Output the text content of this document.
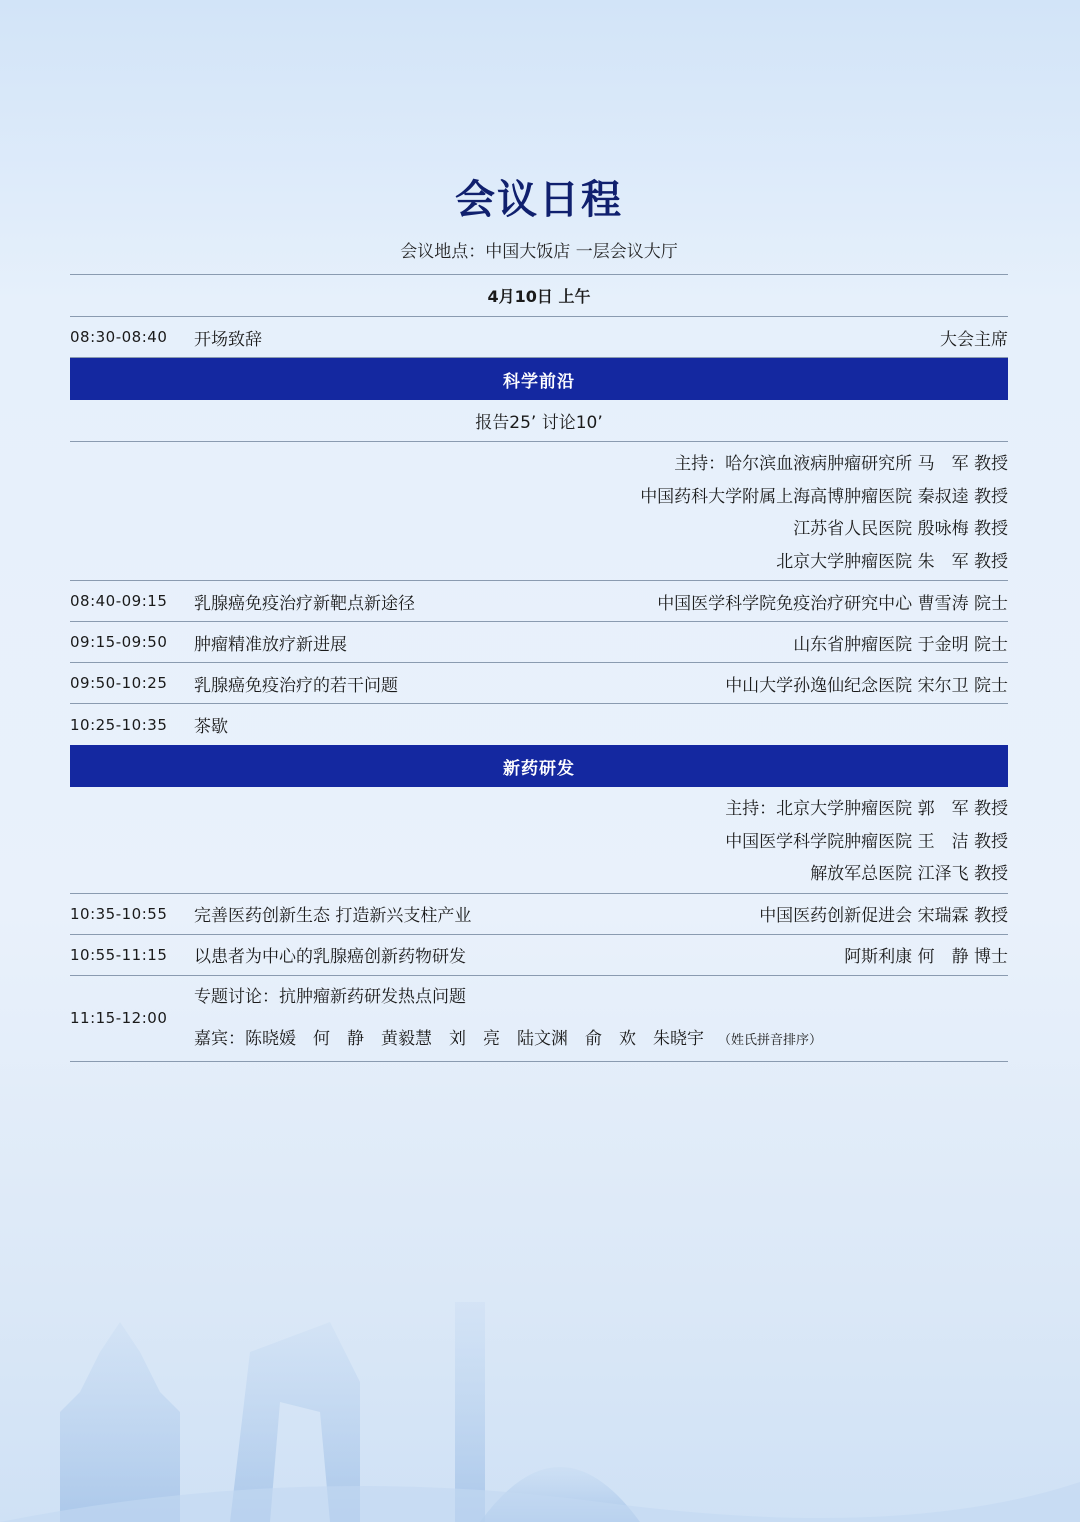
会议日程
会议地点：中国大饭店 一层会议大厅
4月10日 上午
08:30-08:40	开场致辞	大会主席
科学前沿
报告25’ 讨论10’
主持：哈尔滨血液病肿瘤研究所 马　军 教授
中国药科大学附属上海高博肿瘤医院 秦叔逵 教授
江苏省人民医院 殷咏梅 教授
北京大学肿瘤医院 朱　军 教授
08:40-09:15	乳腺癌免疫治疗新靶点新途径	中国医学科学院免疫治疗研究中心 曹雪涛 院士
09:15-09:50	肿瘤精准放疗新进展	山东省肿瘤医院 于金明 院士
09:50-10:25	乳腺癌免疫治疗的若干问题	中山大学孙逸仙纪念医院 宋尔卫 院士
10:25-10:35	茶歇
新药研发
主持：北京大学肿瘤医院 郭　军 教授
中国医学科学院肿瘤医院 王　洁 教授
解放军总医院 江泽飞 教授
10:35-10:55	完善医药创新生态 打造新兴支柱产业	中国医药创新促进会 宋瑞霖 教授
10:55-11:15	以患者为中心的乳腺癌创新药物研发	阿斯利康 何　静 博士
11:15-12:00
专题讨论：抗肿瘤新药研发热点问题
嘉宾：陈晓媛　何　静　黄毅慧　刘　亮　陆文渊　俞　欢　朱晓宇 （姓氏拼音排序）
